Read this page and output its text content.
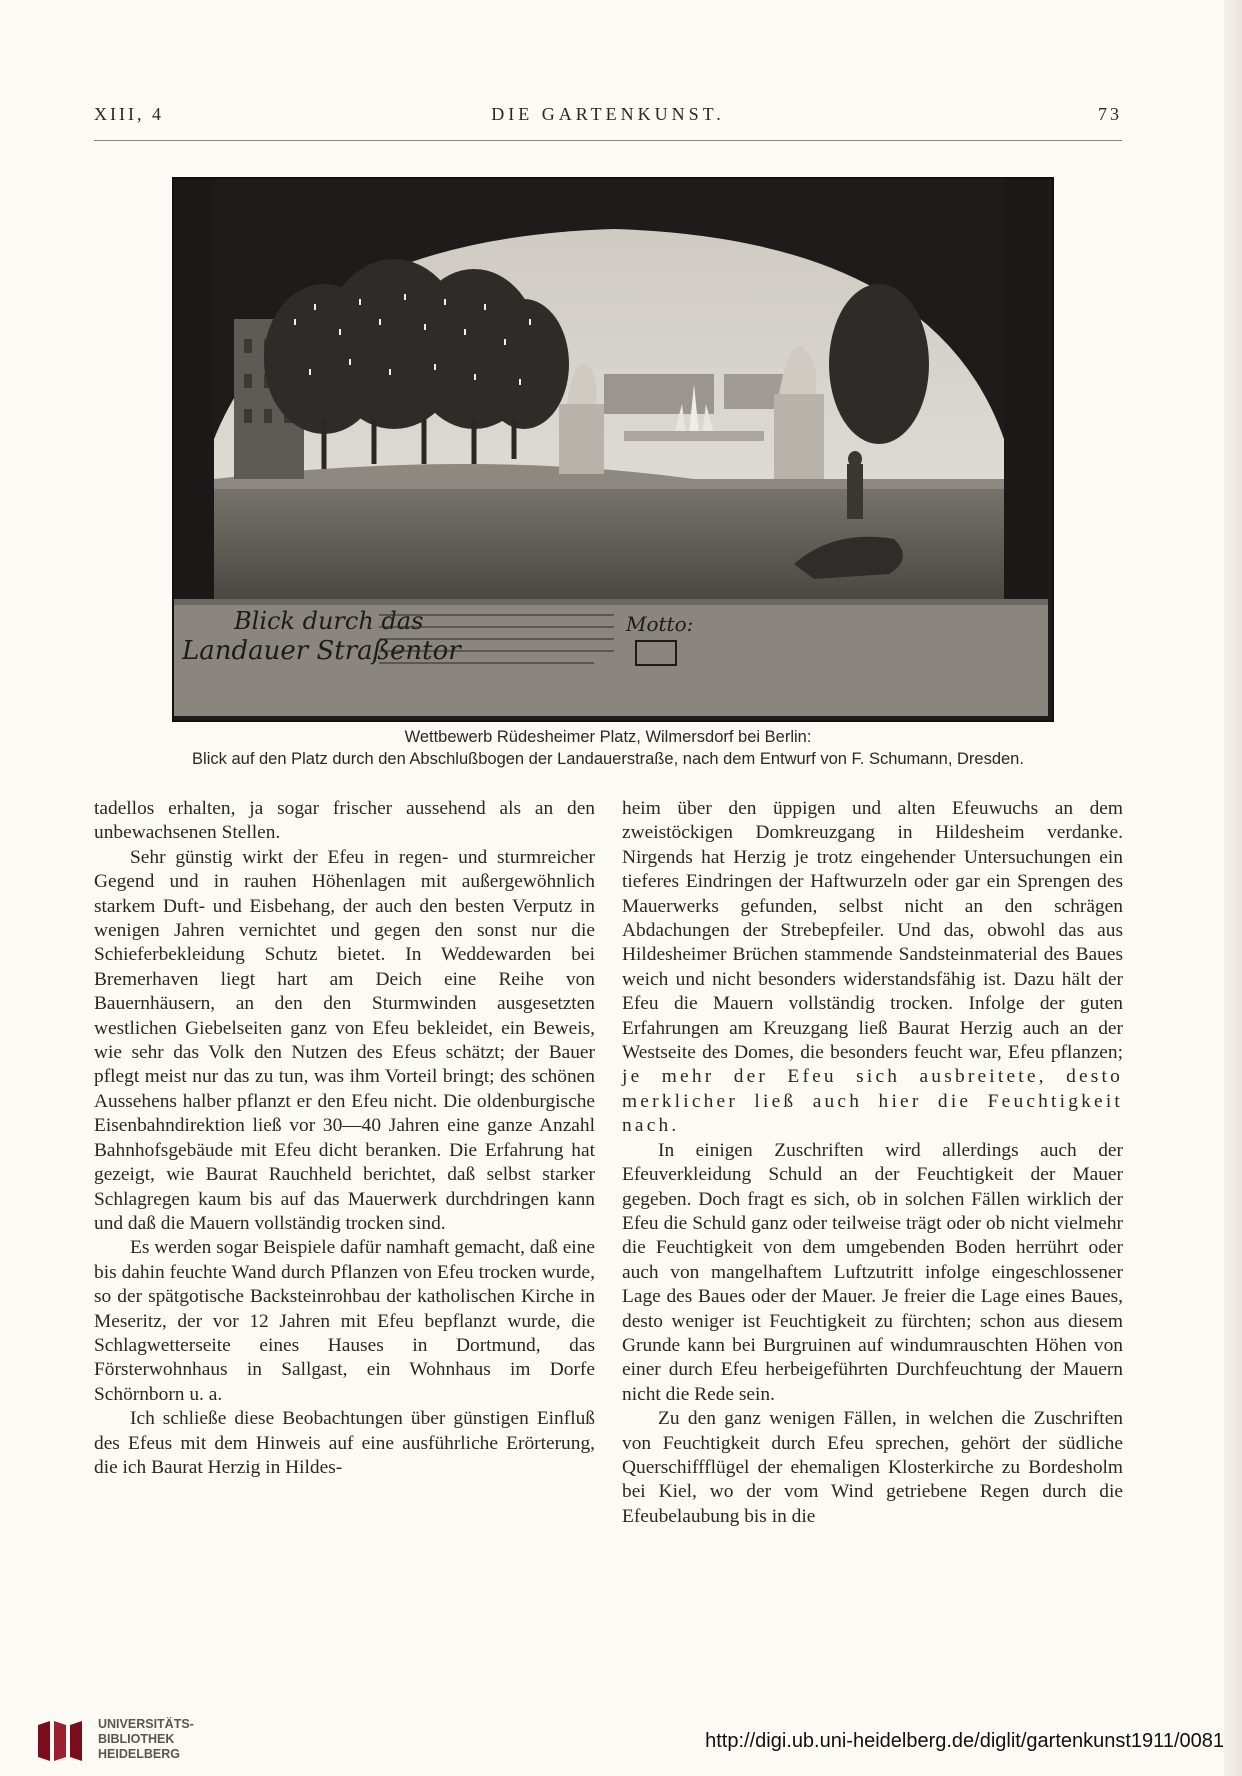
XIII, 4	DIE GARTENKUNST.	73
Blick durch das
Landauer Straßentor
Motto:
Wettbewerb Rüdesheimer Platz, Wilmersdorf bei Berlin:
Blick auf den Platz durch den Abschlußbogen der Landauerstraße, nach dem Entwurf von F. Schumann, Dresden.

tadellos erhalten, ja sogar frischer aussehend als an den unbewachsenen Stellen.

Sehr günstig wirkt der Efeu in regen- und sturmreicher Gegend und in rauhen Höhenlagen mit außergewöhnlich starkem Duft- und Eisbehang, der auch den besten Verputz in wenigen Jahren vernichtet und gegen den sonst nur die Schieferbekleidung Schutz bietet. In Weddewarden bei Bremerhaven liegt hart am Deich eine Reihe von Bauernhäusern, an den den Sturmwinden ausgesetzten westlichen Giebelseiten ganz von Efeu bekleidet, ein Beweis, wie sehr das Volk den Nutzen des Efeus schätzt; der Bauer pflegt meist nur das zu tun, was ihm Vorteil bringt; des schönen Aussehens halber pflanzt er den Efeu nicht. Die oldenburgische Eisenbahndirektion ließ vor 30—40 Jahren eine ganze Anzahl Bahnhofsgebäude mit Efeu dicht beranken. Die Erfahrung hat gezeigt, wie Baurat Rauchheld berichtet, daß selbst starker Schlagregen kaum bis auf das Mauerwerk durchdringen kann und daß die Mauern vollständig trocken sind.

Es werden sogar Beispiele dafür namhaft gemacht, daß eine bis dahin feuchte Wand durch Pflanzen von Efeu trocken wurde, so der spätgotische Backsteinrohbau der katholischen Kirche in Meseritz, der vor 12 Jahren mit Efeu bepflanzt wurde, die Schlagwetterseite eines Hauses in Dortmund, das Försterwohnhaus in Sallgast, ein Wohnhaus im Dorfe Schörnborn u. a.

Ich schließe diese Beobachtungen über günstigen Einfluß des Efeus mit dem Hinweis auf eine ausführliche Erörterung, die ich Baurat Herzig in Hildes-

heim über den üppigen und alten Efeuwuchs an dem zweistöckigen Domkreuzgang in Hildesheim verdanke. Nirgends hat Herzig je trotz eingehender Untersuchungen ein tieferes Eindringen der Haftwurzeln oder gar ein Sprengen des Mauerwerks gefunden, selbst nicht an den schrägen Abdachungen der Strebepfeiler. Und das, obwohl das aus Hildesheimer Brüchen stammende Sandsteinmaterial des Baues weich und nicht besonders widerstandsfähig ist. Dazu hält der Efeu die Mauern vollständig trocken. Infolge der guten Erfahrungen am Kreuzgang ließ Baurat Herzig auch an der Westseite des Domes, die besonders feucht war, Efeu pflanzen; je mehr der Efeu sich ausbreitete, desto merklicher ließ auch hier die Feuchtigkeit nach.

In einigen Zuschriften wird allerdings auch der Efeuverkleidung Schuld an der Feuchtigkeit der Mauer gegeben. Doch fragt es sich, ob in solchen Fällen wirklich der Efeu die Schuld ganz oder teilweise trägt oder ob nicht vielmehr die Feuchtigkeit von dem umgebenden Boden herrührt oder auch von mangelhaftem Luftzutritt infolge eingeschlossener Lage des Baues oder der Mauer. Je freier die Lage eines Baues, desto weniger ist Feuchtigkeit zu fürchten; schon aus diesem Grunde kann bei Burgruinen auf windumrauschten Höhen von einer durch Efeu herbeigeführten Durchfeuchtung der Mauern nicht die Rede sein.

Zu den ganz wenigen Fällen, in welchen die Zuschriften von Feuchtigkeit durch Efeu sprechen, gehört der südliche Querschiffflügel der ehemaligen Klosterkirche zu Bordesholm bei Kiel, wo der vom Wind getriebene Regen durch die Efeubelaubung bis in die

UNIVERSITÄTS-
BIBLIOTHEK
HEIDELBERG
http://digi.ub.uni-heidelberg.de/diglit/gartenkunst1911/0081
